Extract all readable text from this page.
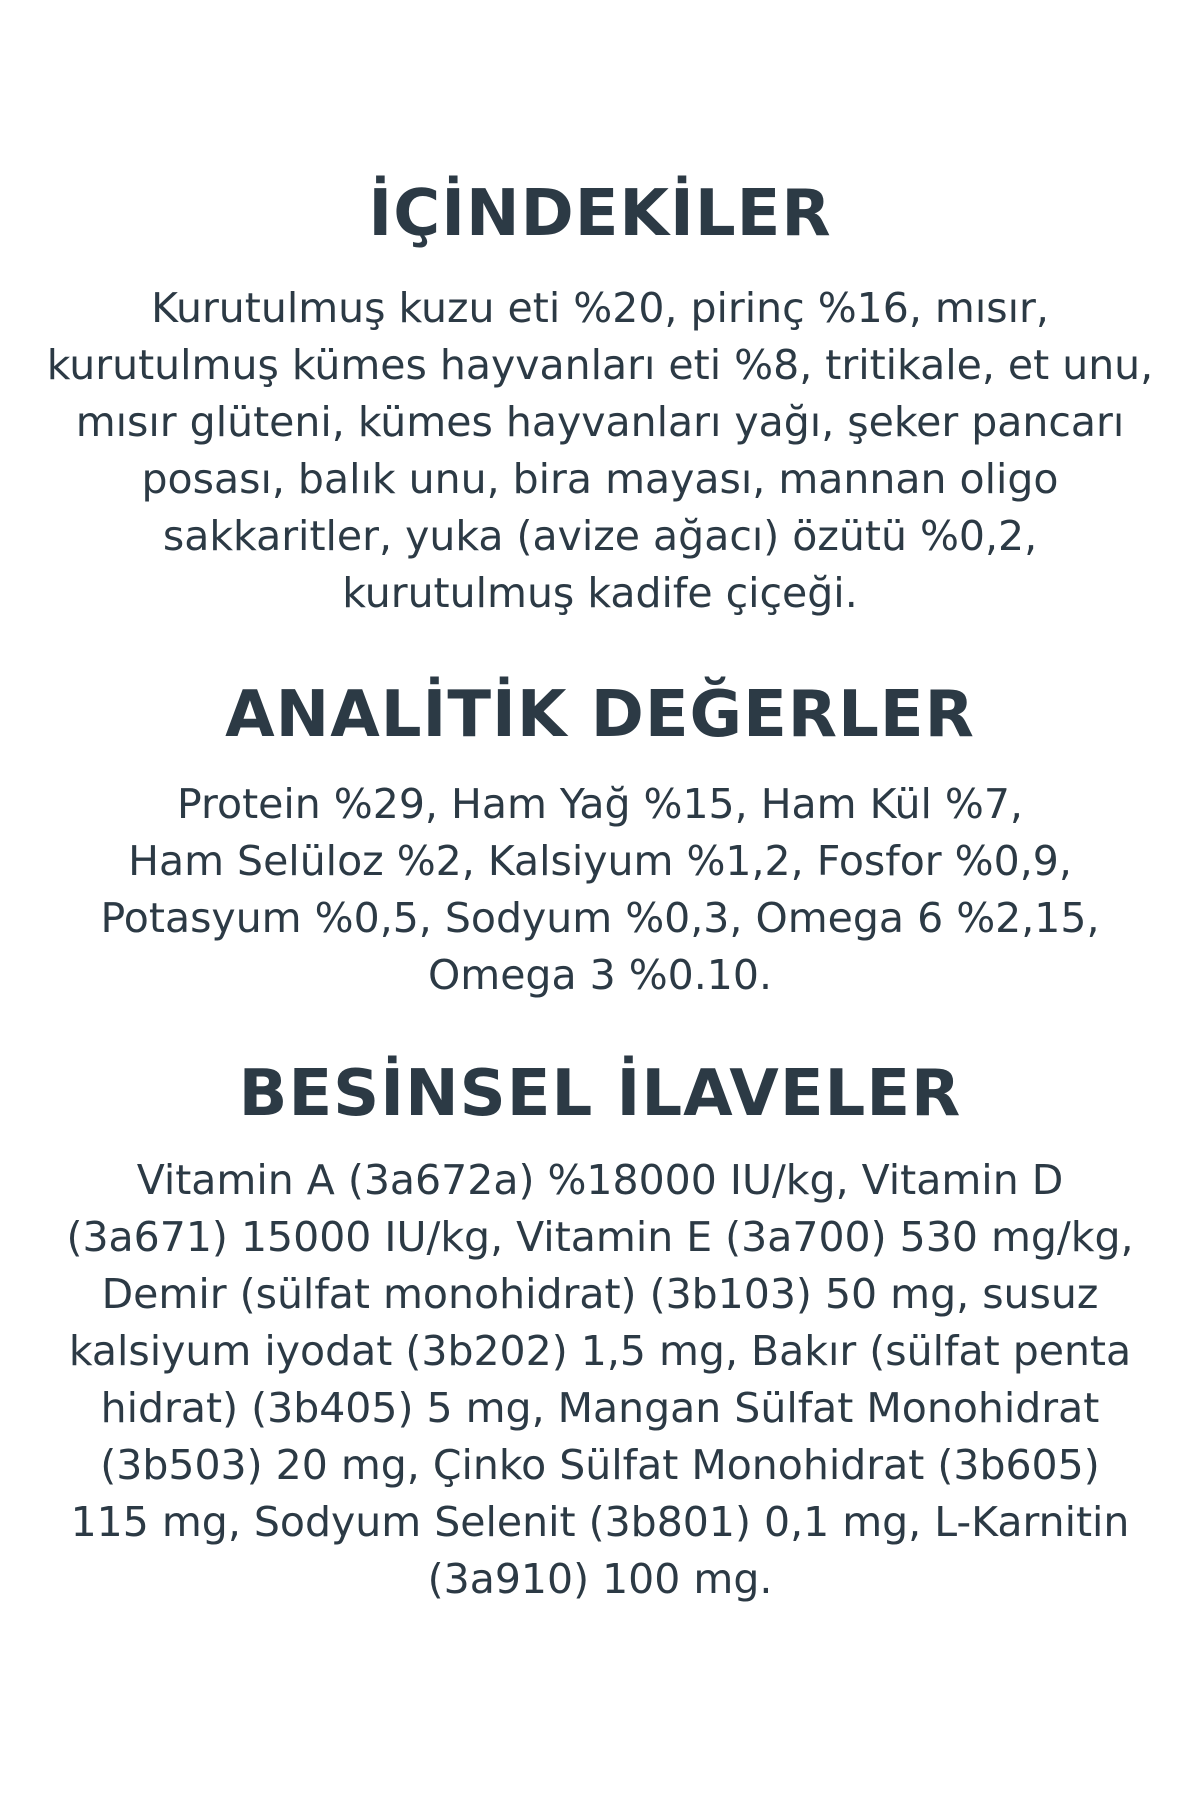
İÇİNDEKİLER
Kurutulmuş kuzu eti %20, pirinç %16, mısır,
kurutulmuş kümes hayvanları eti %8, tritikale, et unu,
mısır glüteni, kümes hayvanları yağı, şeker pancarı
posası, balık unu, bira mayası, mannan oligo
sakkaritler, yuka (avize ağacı) özütü %0,2,
kurutulmuş kadife çiçeği.
ANALİTİK DEĞERLER
Protein %29, Ham Yağ %15, Ham Kül %7,
Ham Selüloz %2, Kalsiyum %1,2, Fosfor %0,9,
Potasyum %0,5, Sodyum %0,3, Omega 6 %2,15,
Omega 3 %0.10.
BESİNSEL İLAVELER
Vitamin A (3a672a) %18000 IU/kg, Vitamin D
(3a671) 15000 IU/kg, Vitamin E (3a700) 530 mg/kg,
Demir (sülfat monohidrat) (3b103) 50 mg, susuz
kalsiyum iyodat (3b202) 1,5 mg, Bakır (sülfat penta
hidrat) (3b405) 5 mg, Mangan Sülfat Monohidrat
(3b503) 20 mg, Çinko Sülfat Monohidrat (3b605)
115 mg, Sodyum Selenit (3b801) 0,1 mg, L-Karnitin
(3a910) 100 mg.
